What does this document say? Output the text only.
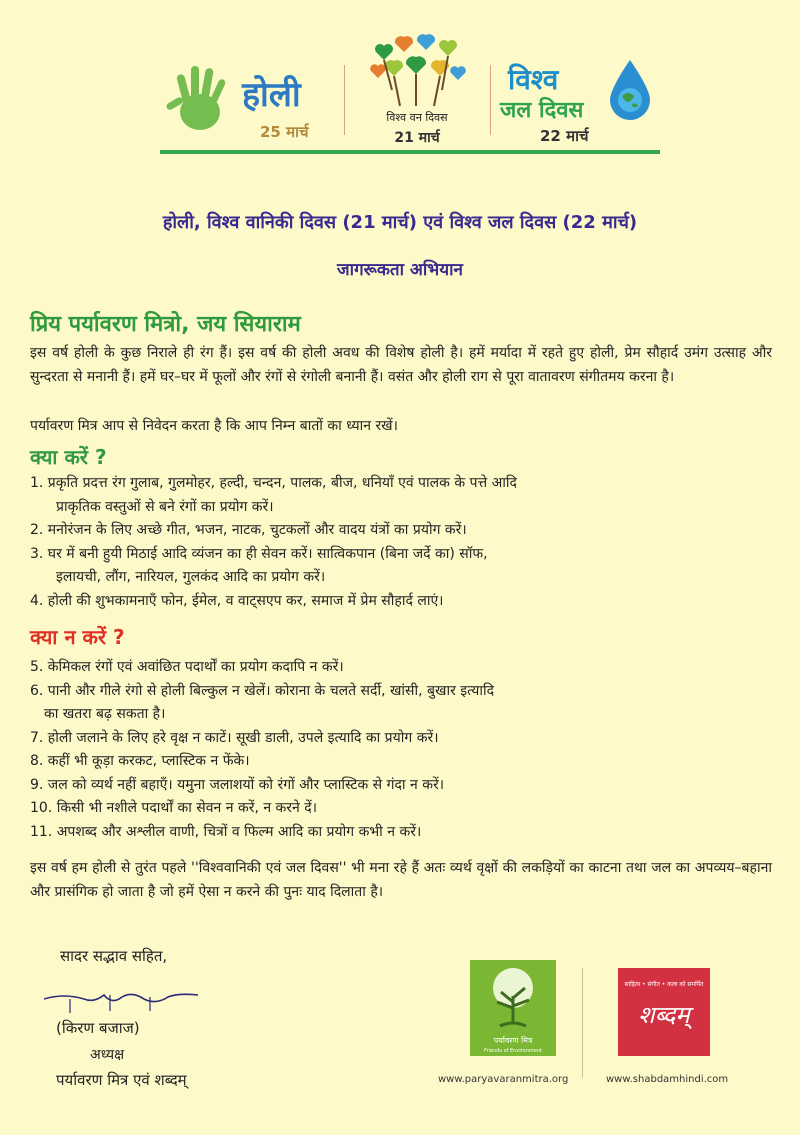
होली
25 मार्च
विश्व वन दिवस
21 मार्च
विश्व
जल दिवस
22 मार्च
होली, विश्व वानिकी दिवस (21 मार्च) एवं विश्व जल दिवस (22 मार्च)
जागरूकता अभियान
प्रिय पर्यावरण मित्रो, जय सियाराम
इस वर्ष होली के कुछ निराले ही रंग हैं। इस वर्ष की होली अवध की विशेष होली है। हमें मर्यादा में रहते हुए होली, प्रेम सौहार्द उमंग उत्साह और सुन्दरता से मनानी हैं। हमें घर–घर में फूलों और रंगों से रंगोली बनानी हैं। वसंत और होली राग से पूरा वातावरण संगीतमय करना है।
पर्यावरण मित्र आप से निवेदन करता है कि आप निम्न बातों का ध्यान रखें।
क्या करें ?
1. प्रकृति प्रदत्त रंग गुलाब, गुलमोहर, हल्दी, चन्दन, पालक, बीज, धनियाँ एवं पालक के पत्ते आदि
प्राकृतिक वस्तुओं से बने रंगों का प्रयोग करें।
2. मनोरंजन के लिए अच्छे गीत, भजन, नाटक, चुटकलों और वादय यंत्रों का प्रयोग करें।
3. घर में बनी हुयी मिठाई आदि व्यंजन का ही सेवन करें। सात्विकपान (बिना जर्दे का) सॉफ,
इलायची, लौंग, नारियल, गुलकंद आदि का प्रयोग करें।
4. होली की शुभकामनाएँ फोन, ईमेल, व वाट्सएप कर, समाज में प्रेम सौहार्द लाएं।
क्या न करें ?
5. केमिकल रंगों एवं अवांछित पदार्थों का प्रयोग कदापि न करें।
6. पानी और गीले रंगो से होली बिल्कुल न खेलें। कोराना के चलते सर्दी, खांसी, बुखार इत्यादि
का खतरा बढ़ सकता है।
7. होली जलाने के लिए हरे वृक्ष न काटें। सूखी डाली, उपले इत्यादि का प्रयोग करें।
8. कहीं भी कूड़ा करकट, प्लास्टिक न फेंके।
9. जल को व्यर्थ नहीं बहाएँ। यमुना जलाशयों को रंगों और प्लास्टिक से गंदा न करें।
10. किसी भी नशीले पदार्थों का सेवन न करें, न करने दें।
11. अपशब्द और अश्लील वाणी, चित्रों व फिल्म आदि का प्रयोग कभी न करें।
इस वर्ष हम होली से तुरंत पहले ''विश्ववानिकी एवं जल दिवस'' भी मना रहे हैं अतः व्यर्थ वृक्षों की लकड़ियों का काटना तथा जल का अपव्यय–बहाना और प्रासंगिक हो जाता है जो हमें ऐसा न करने की पुनः याद दिलाता है।
सादर सद्भाव सहित,
(किरण बजाज)
अध्यक्ष
पर्यावरण मित्र एवं शब्दम्
पर्यावरण मित्र
Friends of Environment
www.paryavaranmitra.org
साहित्य • संगीत • कला को समर्पित
शब्दम्
www.shabdamhindi.com
